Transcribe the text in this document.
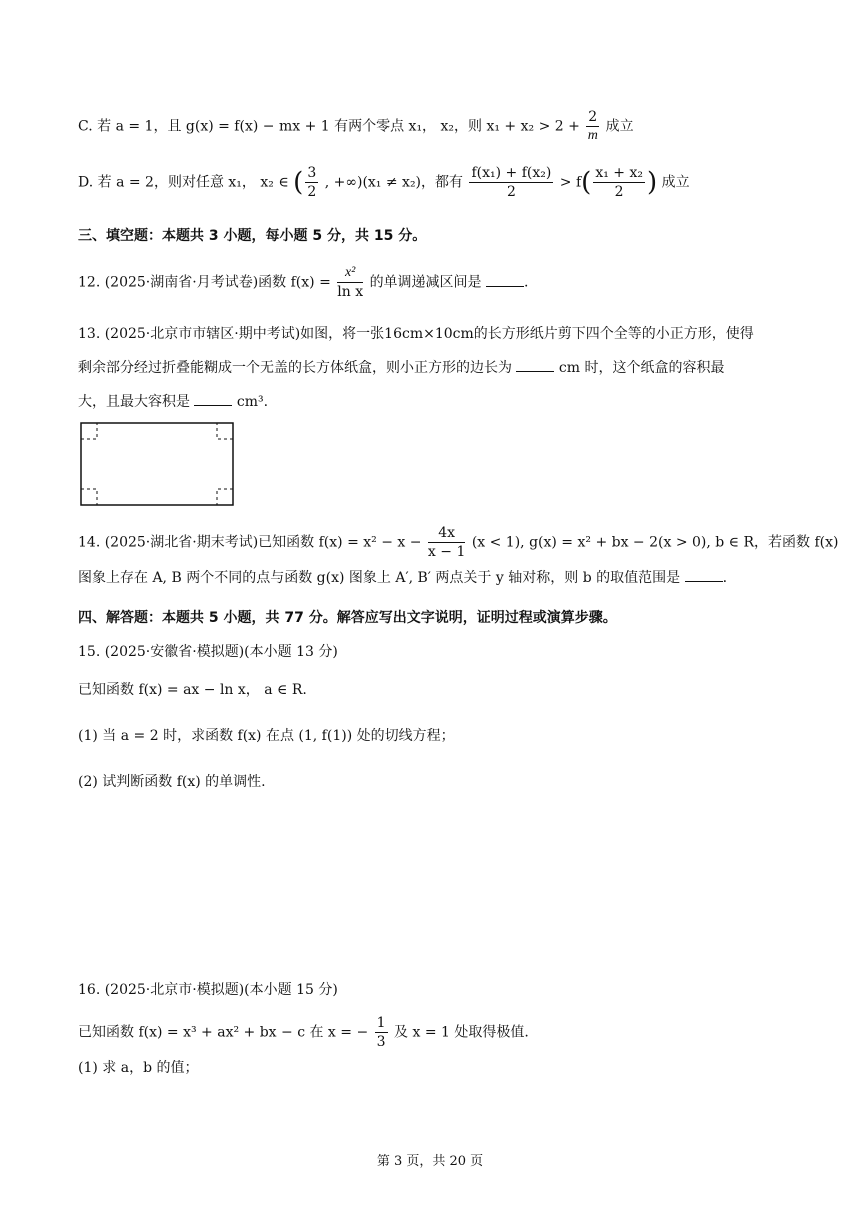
C. 若 a = 1，且 g(x) = f(x) − mx + 1 有两个零点 x₁， x₂，则 $x_1 + x_2 > 2 + \frac{2}{m}$ 成立
D. 若 a = 2，则对任意 x₁， x₂ ∈ ( $\frac{3}{2}$ , +∞)(x₁ ≠ x₂)，都有 $\frac{\text{f(x₁) + f(x₂)}}{2} > f( \frac{\text{x₁ + x₂}}{2}$ ) 成立
三、填空题：本题共 3 小题，每小题 5 分，共 15 分。
12. (2025·湖南省·月考试卷)函数 $f(x) = \frac{\text{x²}}{\text{ln x}}$ 的单调递减区间是	.
13. (2025·北京市市辖区·期中考试)如图，将一张16cm×10cm的长方形纸片剪下四个全等的小正方形，使得
剩余部分经过折叠能糊成一个无盖的长方体纸盒，则小正方形的边长为	cm 时，这个纸盒的容积最
大，且最大容积是	cm³.
14. (2025·湖北省·期末考试)已知函数 $f(x) = x^2 - x - \frac{4x}{x - 1} (x < 1)$, g(x) = x² + bx − 2(x > 0), b ∈ R，若函数 f(x)
图象上存在 A, B 两个不同的点与函数 g(x) 图象上 A′, B′ 两点关于 y 轴对称，则 b 的取值范围是	.
四、解答题：本题共 5 小题，共 77 分。解答应写出文字说明，证明过程或演算步骤。
15. (2025·安徽省·模拟题)(本小题 13 分)
已知函数 f(x) = ax − ln x， a ∈ R.
(1) 当 a = 2 时，求函数 f(x) 在点 (1, f(1)) 处的切线方程；
(2) 试判断函数 f(x) 的单调性.
16. (2025·北京市·模拟题)(本小题 15 分)
已知函数 f(x) = x³ + ax² + bx − c 在 x = − $\frac{1}{3}$ 及 x = 1 处取得极值.
(1) 求 a，b 的值；
第 3 页，共 20 页
